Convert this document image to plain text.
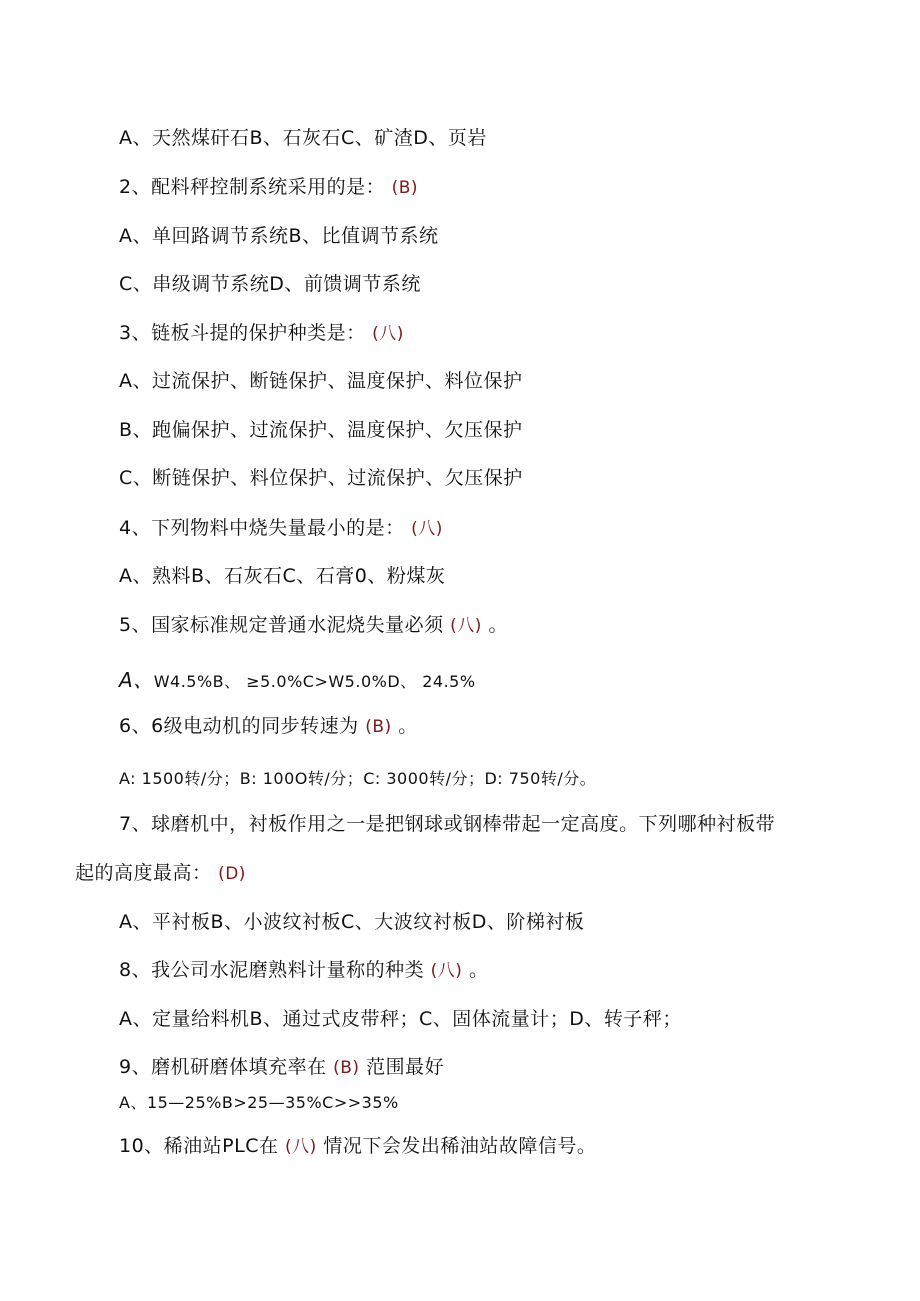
A、天然煤矸石B、石灰石C、矿渣D、页岩
2、配料秤控制系统采用的是： (B)
A、单回路调节系统B、比值调节系统
C、串级调节系统D、前馈调节系统
3、链板斗提的保护种类是： (八)
A、过流保护、断链保护、温度保护、料位保护
B、跑偏保护、过流保护、温度保护、欠压保护
C、断链保护、料位保护、过流保护、欠压保护
4、下列物料中烧失量最小的是： (八)
A、熟料B、石灰石C、石膏0、粉煤灰
5、国家标准规定普通水泥烧失量必须 (八) 。
A、W4.5%B、 ≥5.0%C>W5.0%D、 24.5%
6、6级电动机的同步转速为 (B) 。
A: 1500转/分；B: 100O转/分；C: 3000转/分；D: 750转/分。
7、球磨机中，衬板作用之一是把钢球或钢棒带起一定高度。下列哪种衬板带
起的高度最高： (D)
A、平衬板B、小波纹衬板C、大波纹衬板D、阶梯衬板
8、我公司水泥磨熟料计量称的种类 (八) 。
A、定量给料机B、通过式皮带秤；C、固体流量计；D、转子秤；
9、磨机研磨体填充率在 (B) 范围最好
A、15—25%B>25—35%C>>35%
10、稀油站PLC在 (八) 情况下会发出稀油站故障信号。
